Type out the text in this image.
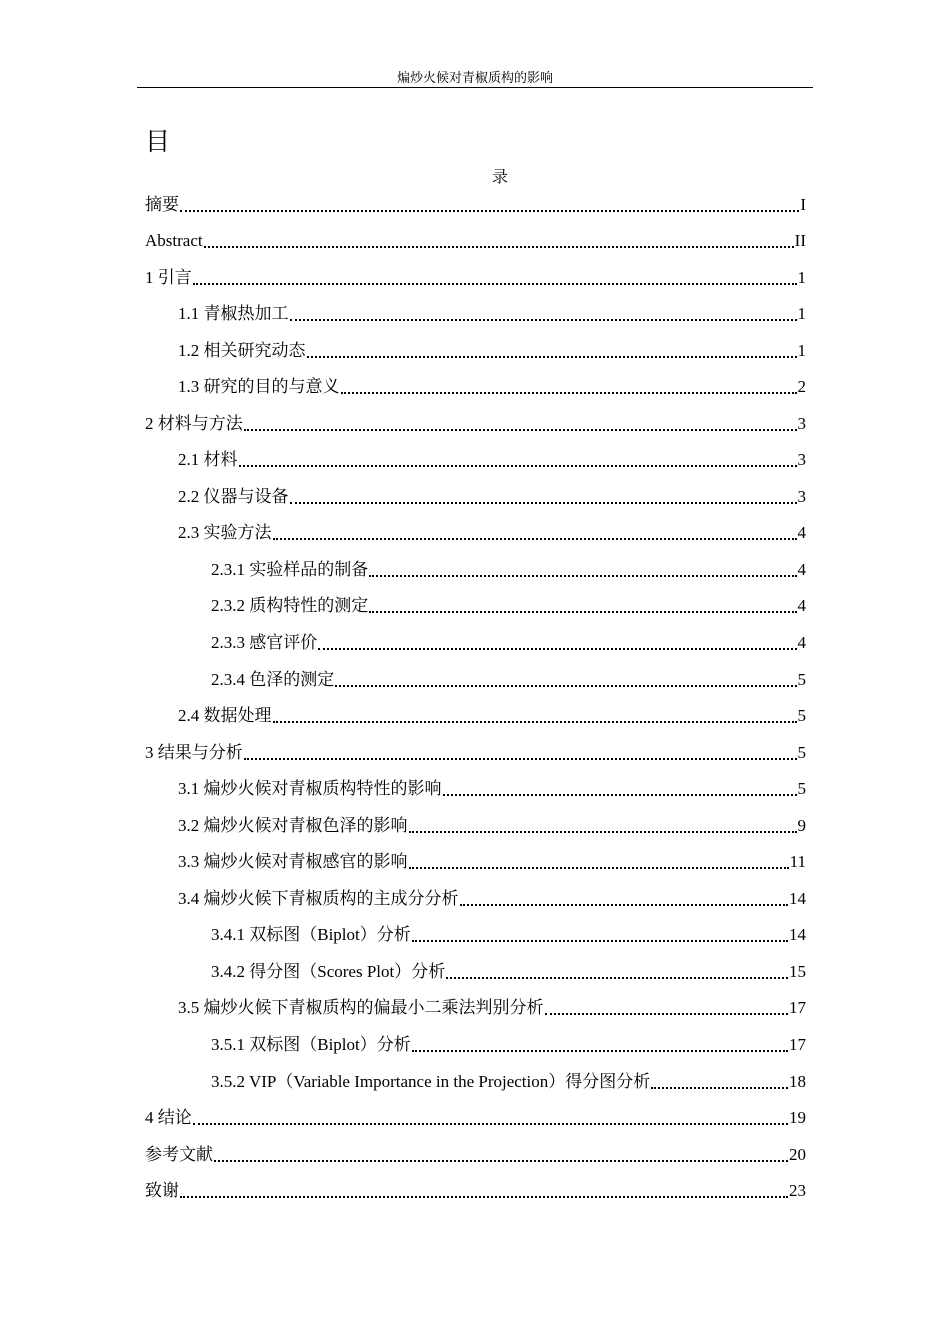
煸炒火候对青椒质构的影响
目
录
摘要	I
Abstract	II
1 引言	1
1.1 青椒热加工	1
1.2 相关研究动态	1
1.3 研究的目的与意义	2
2 材料与方法	3
2.1 材料	3
2.2 仪器与设备	3
2.3 实验方法	4
2.3.1 实验样品的制备	4
2.3.2 质构特性的测定	4
2.3.3 感官评价	4
2.3.4 色泽的测定	5
2.4 数据处理	5
3 结果与分析	5
3.1 煸炒火候对青椒质构特性的影响	5
3.2 煸炒火候对青椒色泽的影响	9
3.3 煸炒火候对青椒感官的影响	11
3.4 煸炒火候下青椒质构的主成分分析	14
3.4.1 双标图（Biplot）分析	14
3.4.2 得分图（Scores Plot）分析	15
3.5 煸炒火候下青椒质构的偏最小二乘法判别分析	17
3.5.1 双标图（Biplot）分析	17
3.5.2 VIP（Variable Importance in the Projection）得分图分析	18
4 结论	19
参考文献	20
致谢	23
